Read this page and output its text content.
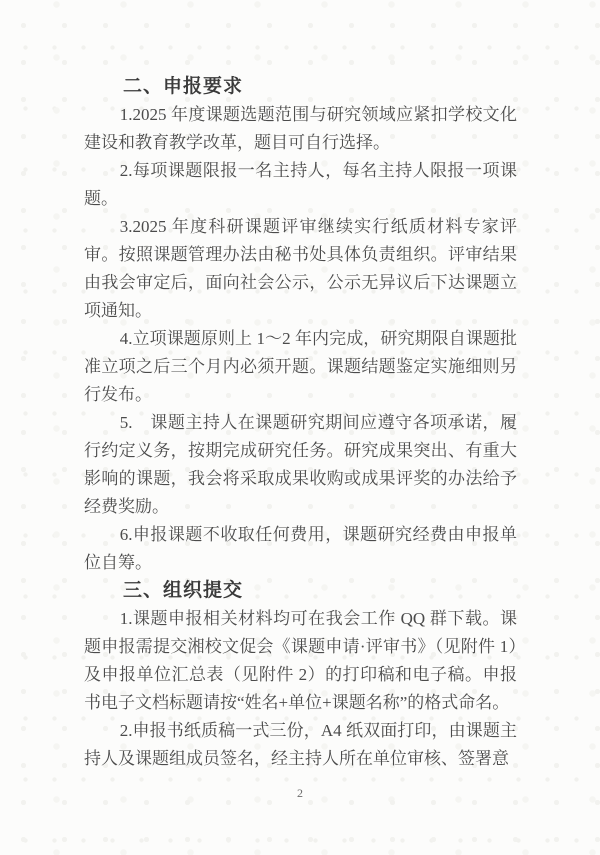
二、申报要求

1.2025 年度课题选题范围与研究领域应紧扣学校文化建设和教育教学改革，题目可自行选择。

2.每项课题限报一名主持人，每名主持人限报一项课题。

3.2025 年度科研课题评审继续实行纸质材料专家评审。按照课题管理办法由秘书处具体负责组织。评审结果由我会审定后，面向社会公示，公示无异议后下达课题立项通知。

4.立项课题原则上 1～2 年内完成，研究期限自课题批准立项之后三个月内必须开题。课题结题鉴定实施细则另行发布。

5.　课题主持人在课题研究期间应遵守各项承诺，履行约定义务，按期完成研究任务。研究成果突出、有重大影响的课题，我会将采取成果收购或成果评奖的办法给予经费奖励。

6.申报课题不收取任何费用，课题研究经费由申报单位自筹。

三、组织提交

1.课题申报相关材料均可在我会工作 QQ 群下载。课题申报需提交湘校文促会《课题申请·评审书》（见附件 1）及申报单位汇总表（见附件 2）的打印稿和电子稿。申报书电子文档标题请按“姓名+单位+课题名称”的格式命名。

2.申报书纸质稿一式三份，A4 纸双面打印，由课题主持人及课题组成员签名，经主持人所在单位审核、签署意

2
